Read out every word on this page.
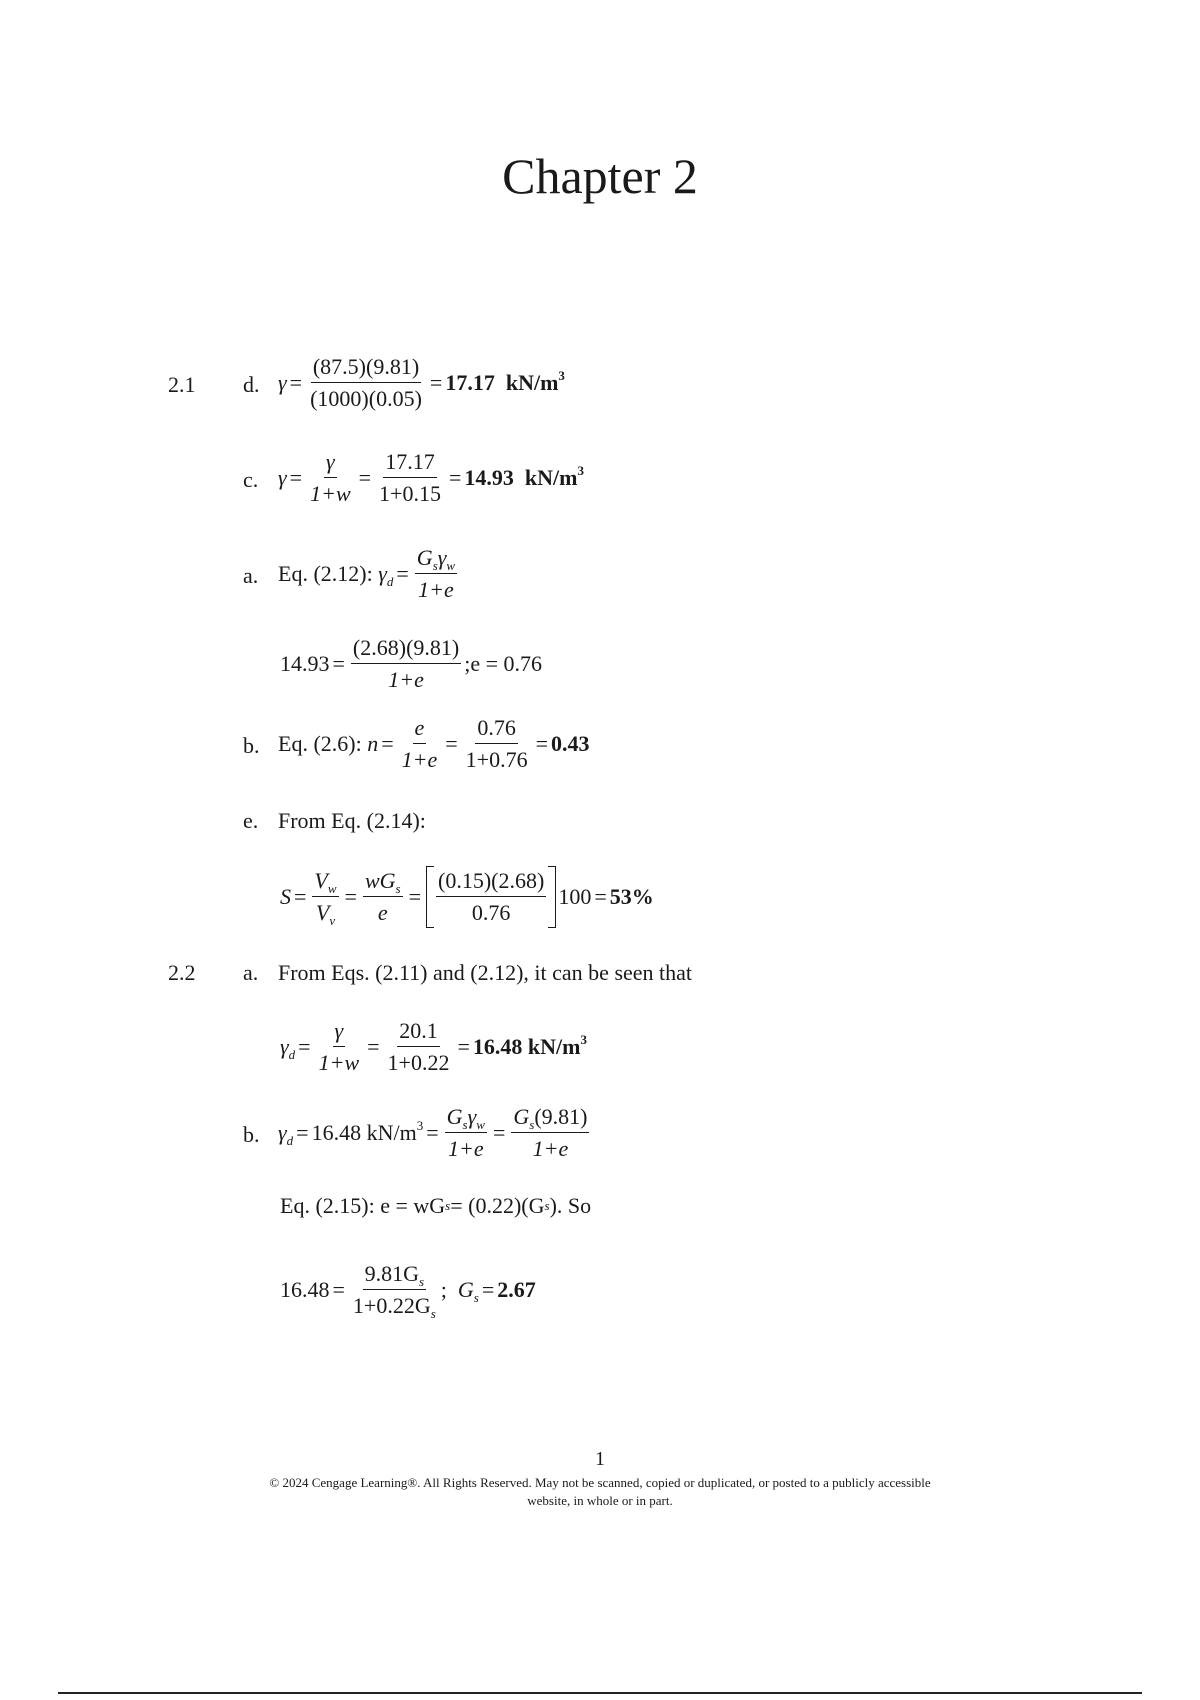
Chapter 2
2.1 d. $\gamma = \frac{(87.5)(9.81)}{(1000)(0.05)} = 17.17$
$kN/m^3$
c. $\gamma = \frac{\gamma}{1+w} = \frac{17.17}{1+0.15} = 14.93$
$kN/m^3$
a. Eq. (2.12):
$\gamma_d = \frac{G_s\gamma_w}{1+e}$
$14.93 = \frac{(2.68)(9.81)}{1+e}$ ;e = 0.76
b. Eq. (2.6):
$n = \frac{e}{1+e} = \frac{0.76}{1+0.76} = 0.43$
e. From Eq. (2.14):
$S = \frac{V_w}{V_v} = \frac{wG_s}{e} = \frac{(0.15)(2.68)}{0.76} 100 = 53\%$
2.2 a. From Eqs. (2.11) and (2.12), it can be seen that
$\gamma_d = \frac{\gamma}{1+w} = \frac{20.1}{1+0.22} = 16.48$ $kN/m^3$
b. $\gamma_d = 16.48$ $kN/m^3 = \frac{G_s\gamma_w}{1+e} = \frac{G_s(9.81)}{1+e}$
Eq. (2.15): e = wG s = (0.22)(G s ). So
$16.48 = \frac{9.81G_s}{1+0.22G_s}$ ; $G_s = 2.67$
1
© 2024 Cengage Learning®. All Rights Reserved. May not be scanned, copied or duplicated, or posted to a publicly accessible
website, in whole or in part.
